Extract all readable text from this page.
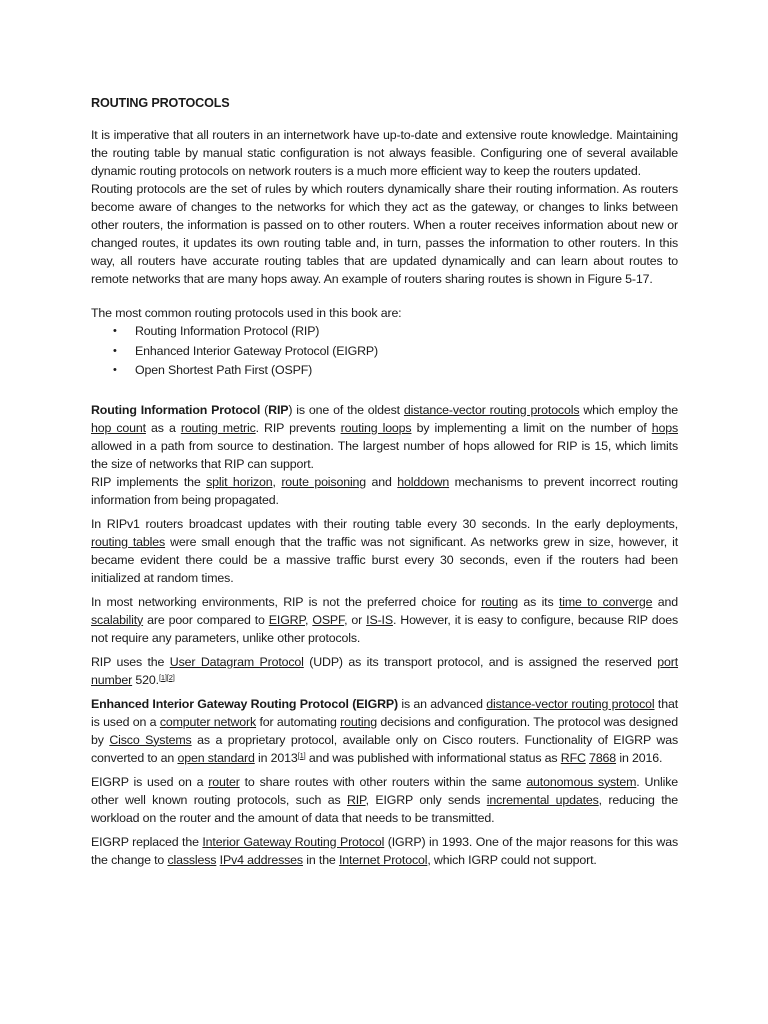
ROUTING PROTOCOLS

It is imperative that all routers in an internetwork have up-to-date and extensive route knowledge. Maintaining the routing table by manual static configuration is not always feasible. Configuring one of several available dynamic routing protocols on network routers is a much more efficient way to keep the routers updated.

Routing protocols are the set of rules by which routers dynamically share their routing information. As routers become aware of changes to the networks for which they act as the gateway, or changes to links between other routers, the information is passed on to other routers. When a router receives information about new or changed routes, it updates its own routing table and, in turn, passes the information to other routers. In this way, all routers have accurate routing tables that are updated dynamically and can learn about routes to remote networks that are many hops away. An example of routers sharing routes is shown in Figure 5-17.

The most common routing protocols used in this book are:

• Routing Information Protocol (RIP)
• Enhanced Interior Gateway Protocol (EIGRP)
• Open Shortest Path First (OSPF)

Routing Information Protocol (RIP) is one of the oldest distance-vector routing protocols which employ the hop count as a routing metric. RIP prevents routing loops by implementing a limit on the number of hops allowed in a path from source to destination. The largest number of hops allowed for RIP is 15, which limits the size of networks that RIP can support.

RIP implements the split horizon, route poisoning and holddown mechanisms to prevent incorrect routing information from being propagated.

In RIPv1 routers broadcast updates with their routing table every 30 seconds. In the early deployments, routing tables were small enough that the traffic was not significant. As networks grew in size, however, it became evident there could be a massive traffic burst every 30 seconds, even if the routers had been initialized at random times.

In most networking environments, RIP is not the preferred choice for routing as its time to converge and scalability are poor compared to EIGRP, OSPF, or IS-IS. However, it is easy to configure, because RIP does not require any parameters, unlike other protocols.

RIP uses the User Datagram Protocol (UDP) as its transport protocol, and is assigned the reserved port number 520.[1][2]

Enhanced Interior Gateway Routing Protocol (EIGRP) is an advanced distance-vector routing protocol that is used on a computer network for automating routing decisions and configuration. The protocol was designed by Cisco Systems as a proprietary protocol, available only on Cisco routers. Functionality of EIGRP was converted to an open standard in 2013[1] and was published with informational status as RFC 7868 in 2016.

EIGRP is used on a router to share routes with other routers within the same autonomous system. Unlike other well known routing protocols, such as RIP, EIGRP only sends incremental updates, reducing the workload on the router and the amount of data that needs to be transmitted.

EIGRP replaced the Interior Gateway Routing Protocol (IGRP) in 1993. One of the major reasons for this was the change to classless IPv4 addresses in the Internet Protocol, which IGRP could not support.
